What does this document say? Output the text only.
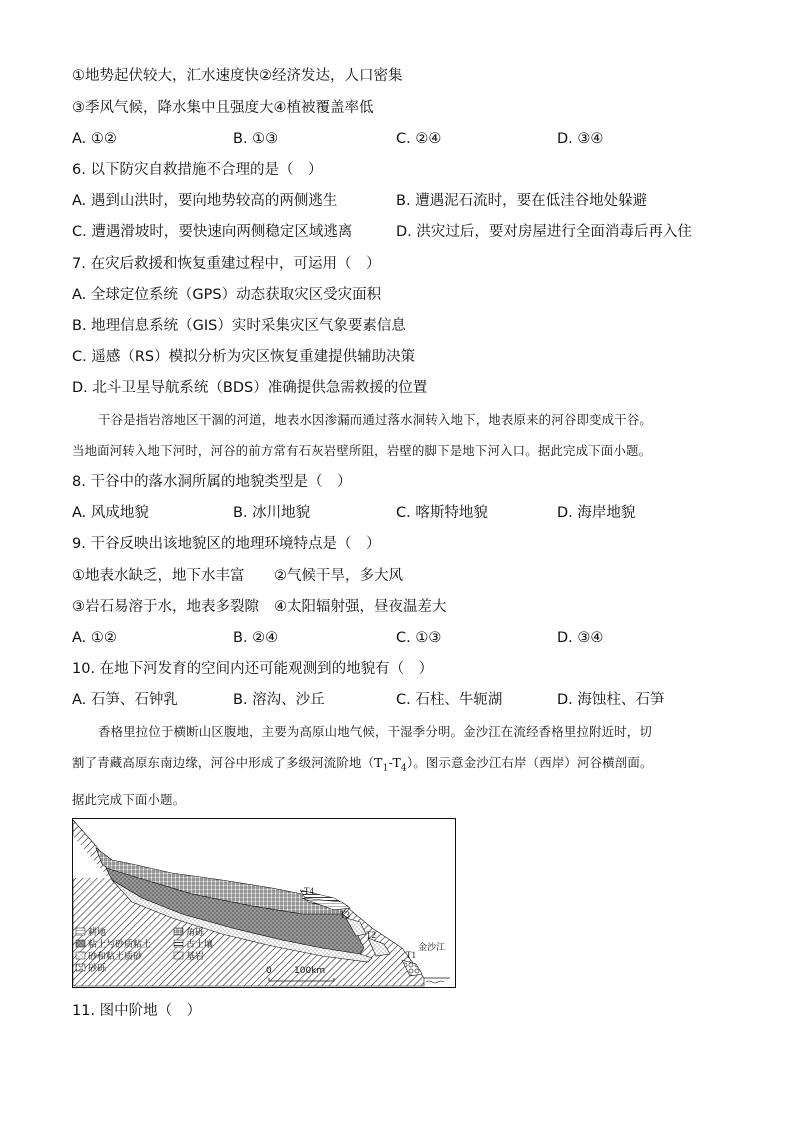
①地势起伏较大，汇水速度快②经济发达，人口密集
③季风气候，降水集中且强度大④植被覆盖率低
A. ①②	B. ①③	C. ②④	D. ③④
6. 以下防灾自救措施不合理的是（　）
A. 遇到山洪时，要向地势较高的两侧逃生	B. 遭遇泥石流时，要在低洼谷地处躲避
C. 遭遇滑坡时，要快速向两侧稳定区域逃离	D. 洪灾过后，要对房屋进行全面消毒后再入住
7. 在灾后救援和恢复重建过程中，可运用（　）
A. 全球定位系统（GPS）动态获取灾区受灾面积
B. 地理信息系统（GIS）实时采集灾区气象要素信息
C. 遥感（RS）模拟分析为灾区恢复重建提供辅助决策
D. 北斗卫星导航系统（BDS）准确提供急需救援的位置
干谷是指岩溶地区干涸的河道，地表水因渗漏而通过落水洞转入地下，地表原来的河谷即变成干谷。
当地面河转入地下河时，河谷的前方常有石灰岩壁所阻，岩壁的脚下是地下河入口。据此完成下面小题。
8. 干谷中的落水洞所属的地貌类型是（　）
A. 风成地貌	B. 冰川地貌	C. 喀斯特地貌	D. 海岸地貌
9. 干谷反映出该地貌区的地理环境特点是（　）
①地表水缺乏，地下水丰富 ②气候干旱，多大风
③岩石易溶于水，地表多裂隙 ④太阳辐射强，昼夜温差大
A. ①②	B. ②④	C. ①③	D. ③④
10. 在地下河发育的空间内还可能观测到的地貌有（　）
A. 石笋、石钟乳	B. 溶沟、沙丘	C. 石柱、牛轭湖	D. 海蚀柱、石笋
香格里拉位于横断山区腹地，主要为高原山地气候，干湿季分明。金沙江在流经香格里拉附近时，切
割了青藏高原东南边缘，河谷中形成了多级河流阶地$(T_1-T_4)$。图示意金沙江右岸（西岸）河谷横剖面。
据此完成下面小题。
T4
T3
T2
T1
金沙江
耕地	角砾
粘土与砂质粘土	古土壤
砂和粘土质砂	基岩
砂砾	0 100km
11. 图中阶地（　）
